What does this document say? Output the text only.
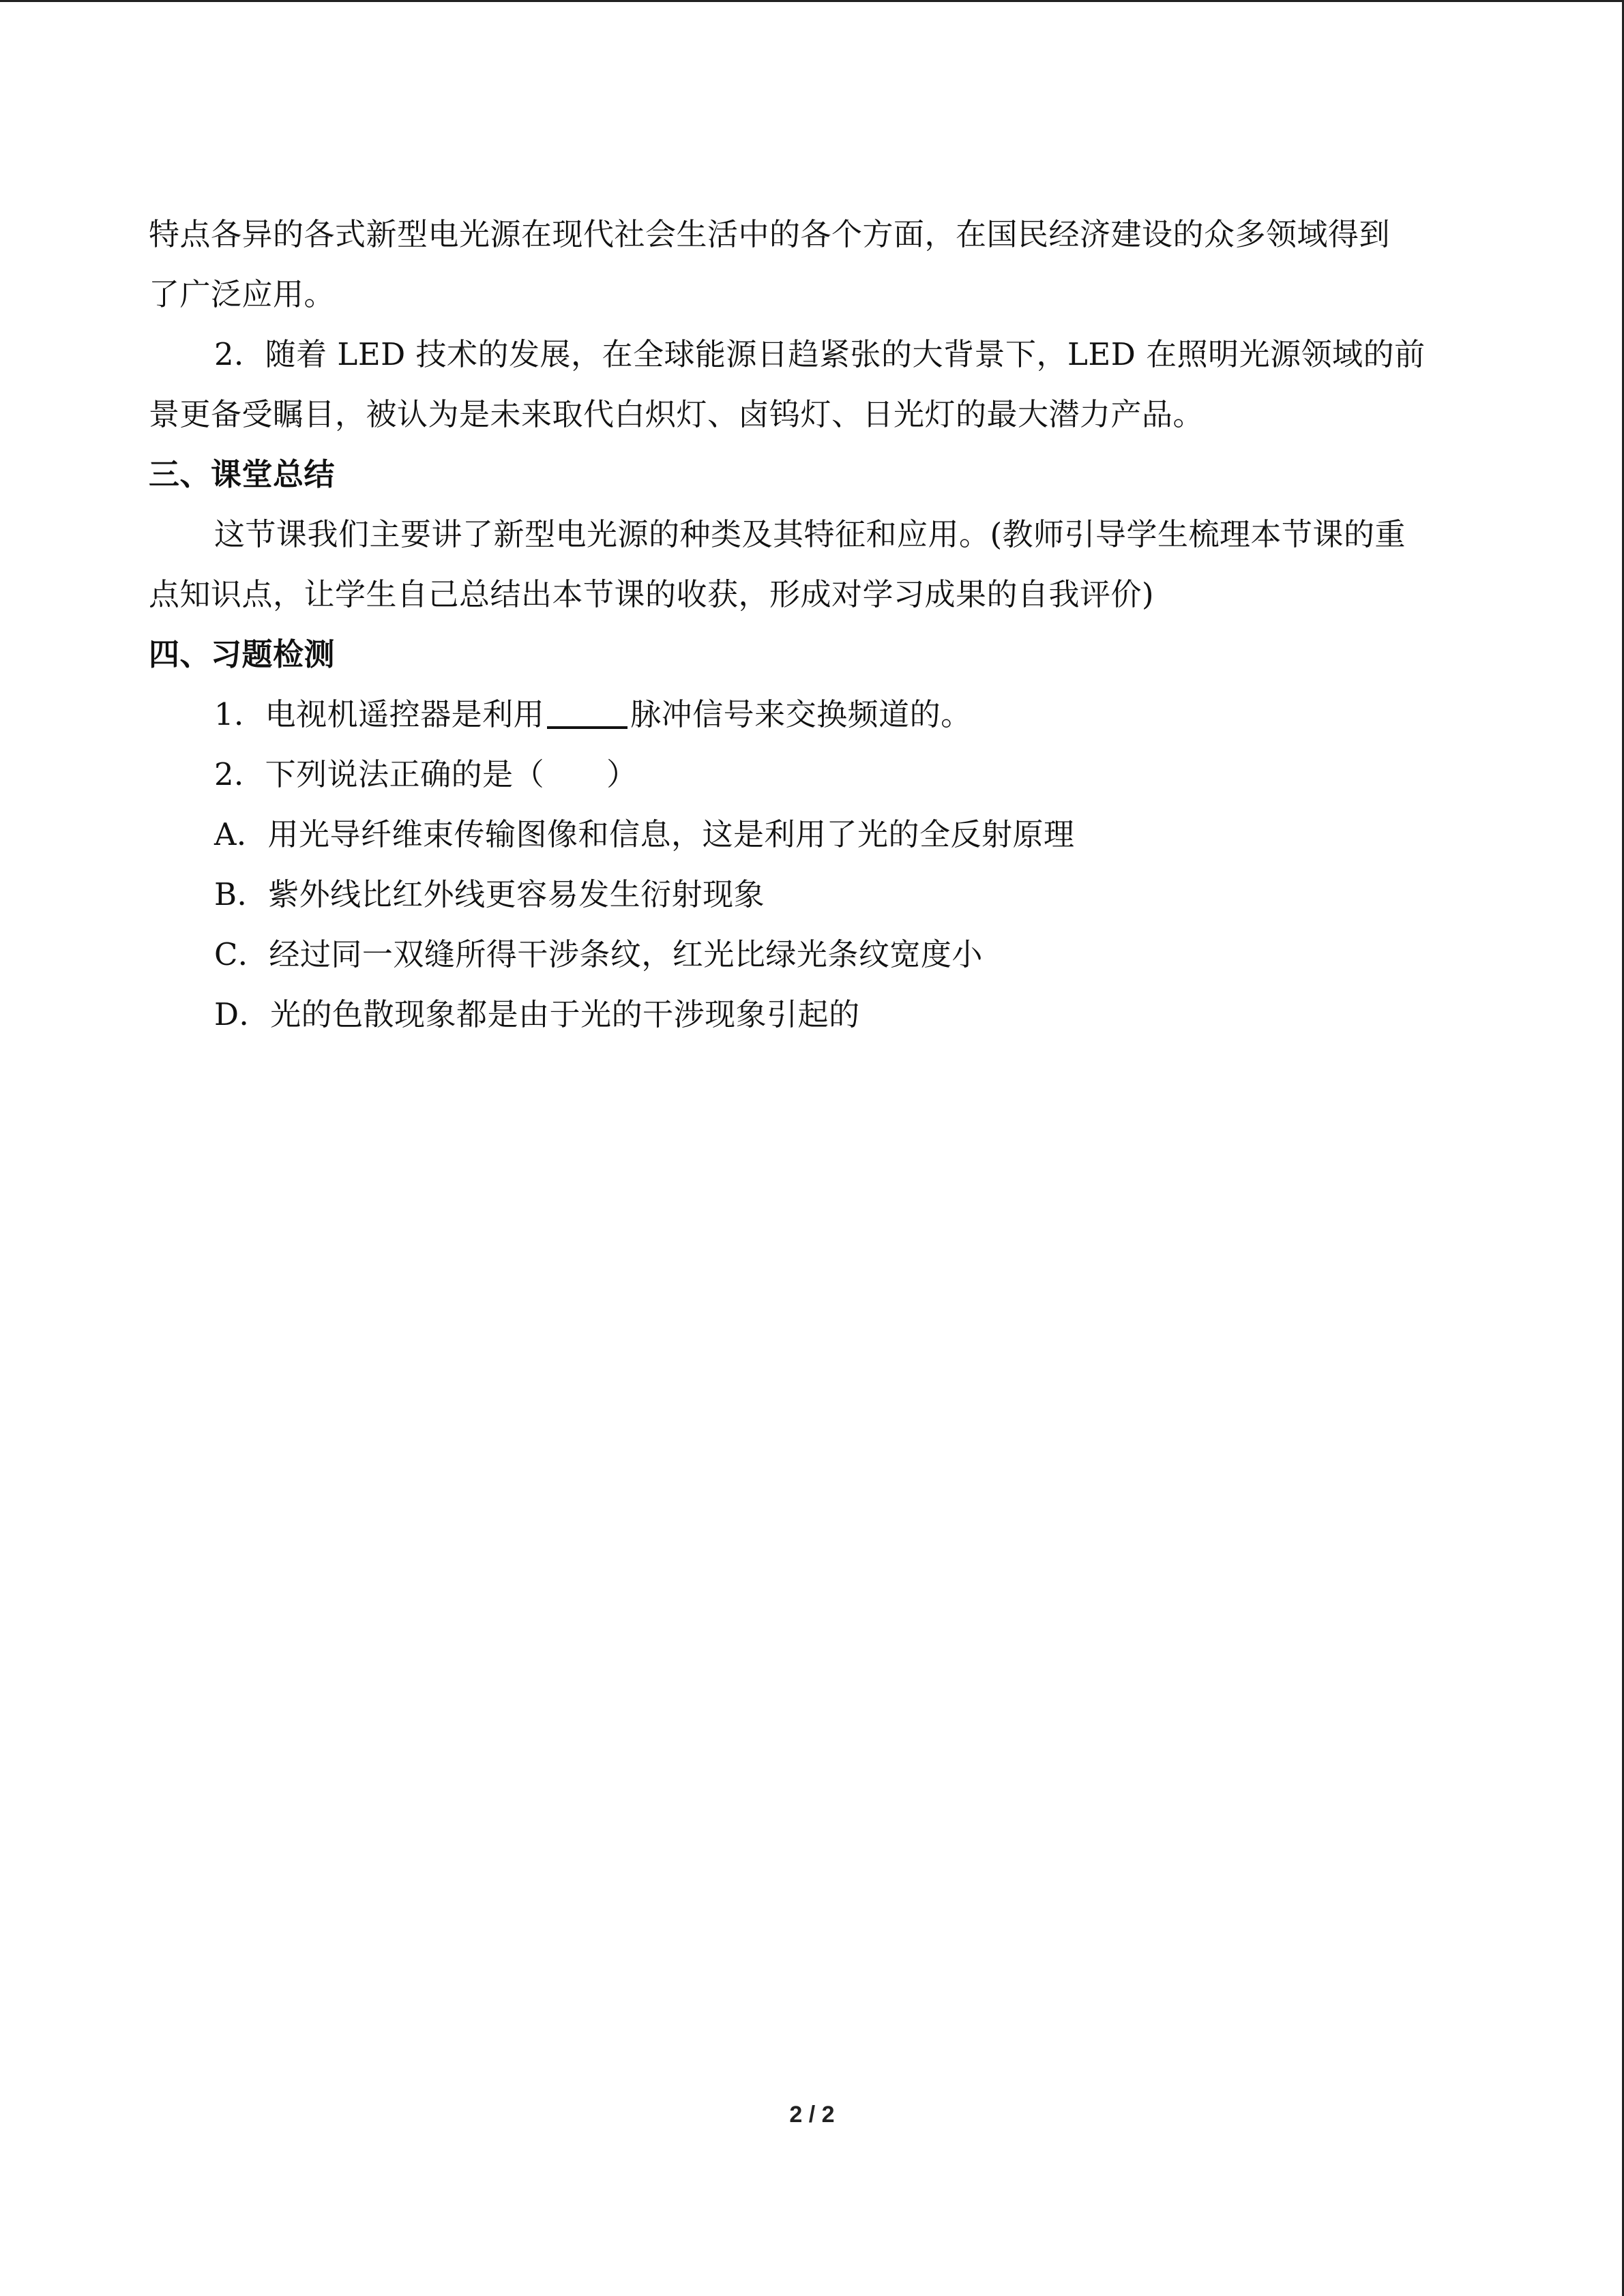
特点各异的各式新型电光源在现代社会生活中的各个方面，在国民经济建设的众多领域得到
了广泛应用。
2．随着 LED 技术的发展，在全球能源日趋紧张的大背景下，LED 在照明光源领域的前
景更备受瞩目，被认为是未来取代白炽灯、卤钨灯、日光灯的最大潜力产品。
三、课堂总结
这节课我们主要讲了新型电光源的种类及其特征和应用。(教师引导学生梳理本节课的重
点知识点，让学生自己总结出本节课的收获，形成对学习成果的自我评价)
四、习题检测
1．电视机遥控器是利用	脉冲信号来交换频道的。
2．下列说法正确的是（　　）
A．用光导纤维束传输图像和信息，这是利用了光的全反射原理
B．紫外线比红外线更容易发生衍射现象
C．经过同一双缝所得干涉条纹，红光比绿光条纹宽度小
D．光的色散现象都是由于光的干涉现象引起的
2 / 2
